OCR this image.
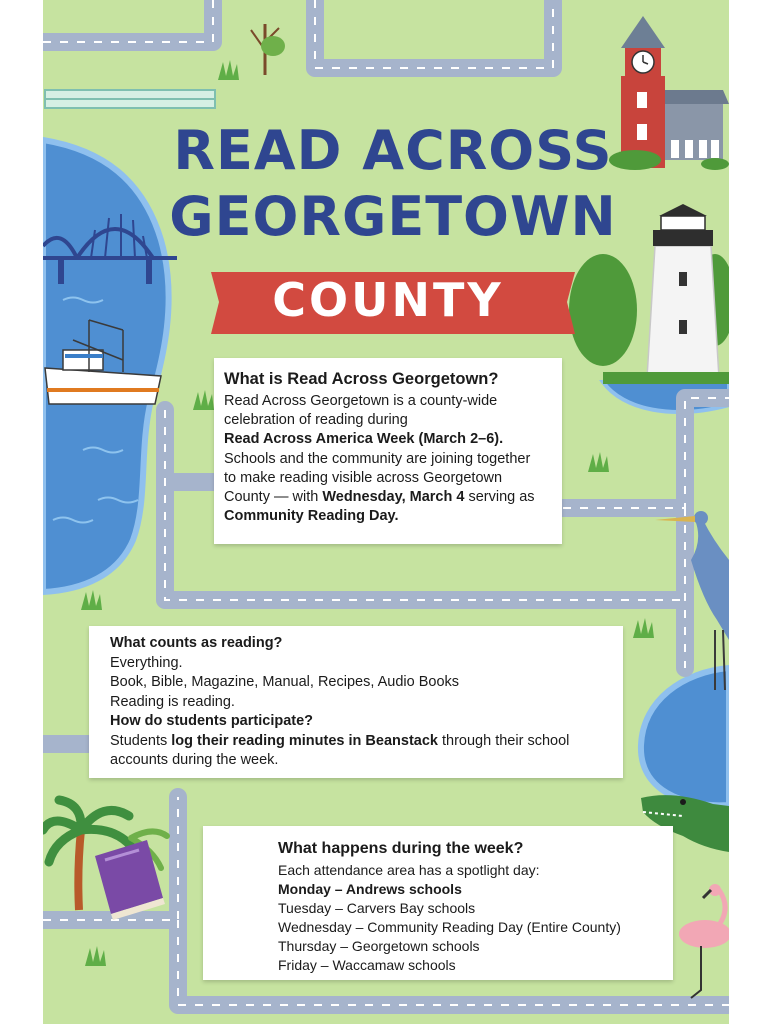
READ ACROSS
GEORGETOWN
COUNTY

What is Read Across Georgetown?

Read Across Georgetown is a county-wide

celebration of reading during

Read Across America Week (March 2–6).

Schools and the community are joining together

to make reading visible across Georgetown

County — with Wednesday, March 4 serving as

Community Reading Day.

What counts as reading?

Everything.

Book, Bible, Magazine, Manual, Recipes, Audio Books

Reading is reading.

How do students participate?

Students log their reading minutes in Beanstack through their school

accounts during the week.

What happens during the week?

Each attendance area has a spotlight day:

Monday – Andrews schools

Tuesday – Carvers Bay schools

Wednesday – Community Reading Day (Entire County)

Thursday – Georgetown schools

Friday – Waccamaw schools
